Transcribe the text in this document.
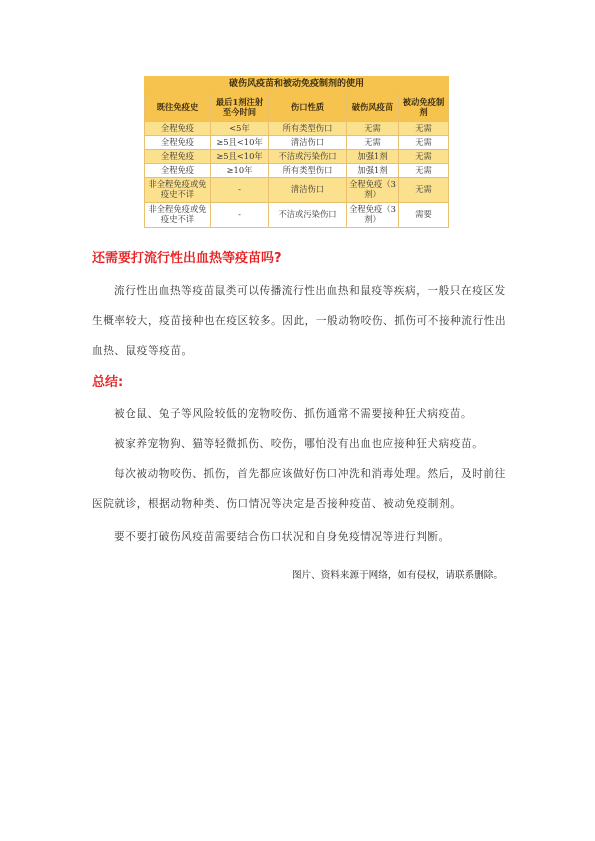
破伤风疫苗和被动免疫制剂的使用
既往免疫史	最后1剂注射至今时间	伤口性质	破伤风疫苗	被动免疫制剂
全程免疫	<5年	所有类型伤口	无需	无需
全程免疫	≥5且<10年	清洁伤口	无需	无需
全程免疫	≥5且<10年	不洁或污染伤口	加强1剂	无需
全程免疫	≥10年	所有类型伤口	加强1剂	无需
非全程免疫或免疫史不详	-	清洁伤口	全程免疫（3剂）	无需
非全程免疫或免疫史不详	-	不洁或污染伤口	全程免疫（3剂）	需要
还需要打流行性出血热等疫苗吗?

流行性出血热等疫苗鼠类可以传播流行性出血热和鼠疫等疾病，一般只在疫区发生概率较大，疫苗接种也在疫区较多。因此，一般动物咬伤、抓伤可不接种流行性出血热、鼠疫等疫苗。

总结:

被仓鼠、兔子等风险较低的宠物咬伤、抓伤通常不需要接种狂犬病疫苗。

被家养宠物狗、猫等轻微抓伤、咬伤，哪怕没有出血也应接种狂犬病疫苗。

每次被动物咬伤、抓伤，首先都应该做好伤口冲洗和消毒处理。然后，及时前往医院就诊，根据动物种类、伤口情况等决定是否接种疫苗、被动免疫制剂。

要不要打破伤风疫苗需要结合伤口状况和自身免疫情况等进行判断。

图片、资料来源于网络，如有侵权，请联系删除。
